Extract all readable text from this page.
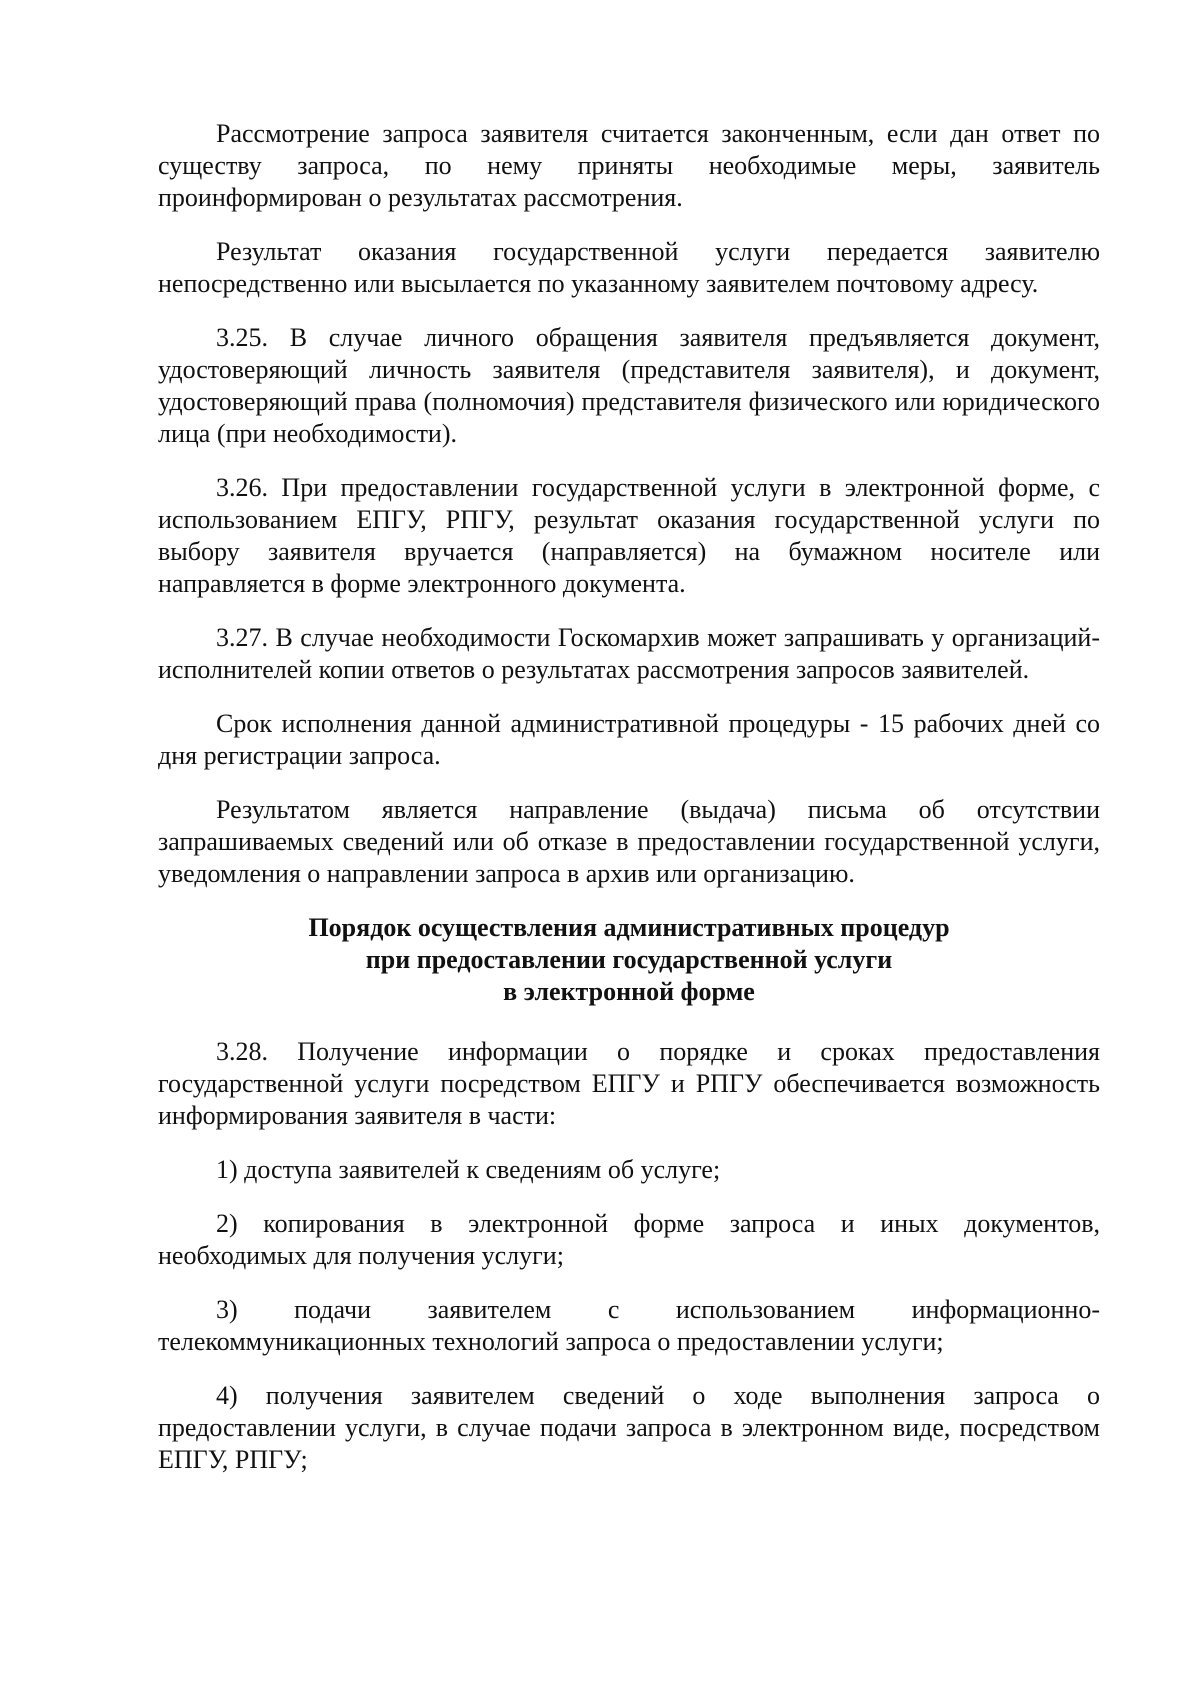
Рассмотрение запроса заявителя считается законченным, если дан ответ по существу запроса, по нему приняты необходимые меры, заявитель проинформирован о результатах рассмотрения.

Результат оказания государственной услуги передается заявителю непосредственно или высылается по указанному заявителем почтовому адресу.

3.25. В случае личного обращения заявителя предъявляется документ, удостоверяющий личность заявителя (представителя заявителя), и документ, удостоверяющий права (полномочия) представителя физического или юридического лица (при необходимости).

3.26. При предоставлении государственной услуги в электронной форме, с использованием ЕПГУ, РПГУ, результат оказания государственной услуги по выбору заявителя вручается (направляется) на бумажном носителе или направляется в форме электронного документа.

3.27. В случае необходимости Госкомархив может запрашивать у организаций-исполнителей копии ответов о результатах рассмотрения запросов заявителей.

Срок исполнения данной административной процедуры - 15 рабочих дней со дня регистрации запроса.

Результатом является направление (выдача) письма об отсутствии запрашиваемых сведений или об отказе в предоставлении государственной услуги, уведомления о направлении запроса в архив или организацию.

Порядок осуществления административных процедур
при предоставлении государственной услуги
в электронной форме

3.28. Получение информации о порядке и сроках предоставления государственной услуги посредством ЕПГУ и РПГУ обеспечивается возможность информирования заявителя в части:

1) доступа заявителей к сведениям об услуге;

2) копирования в электронной форме запроса и иных документов, необходимых для получения услуги;

3) подачи заявителем с использованием информационно-телекоммуникационных технологий запроса о предоставлении услуги;

4) получения заявителем сведений о ходе выполнения запроса о предоставлении услуги, в случае подачи запроса в электронном виде, посредством ЕПГУ, РПГУ;
